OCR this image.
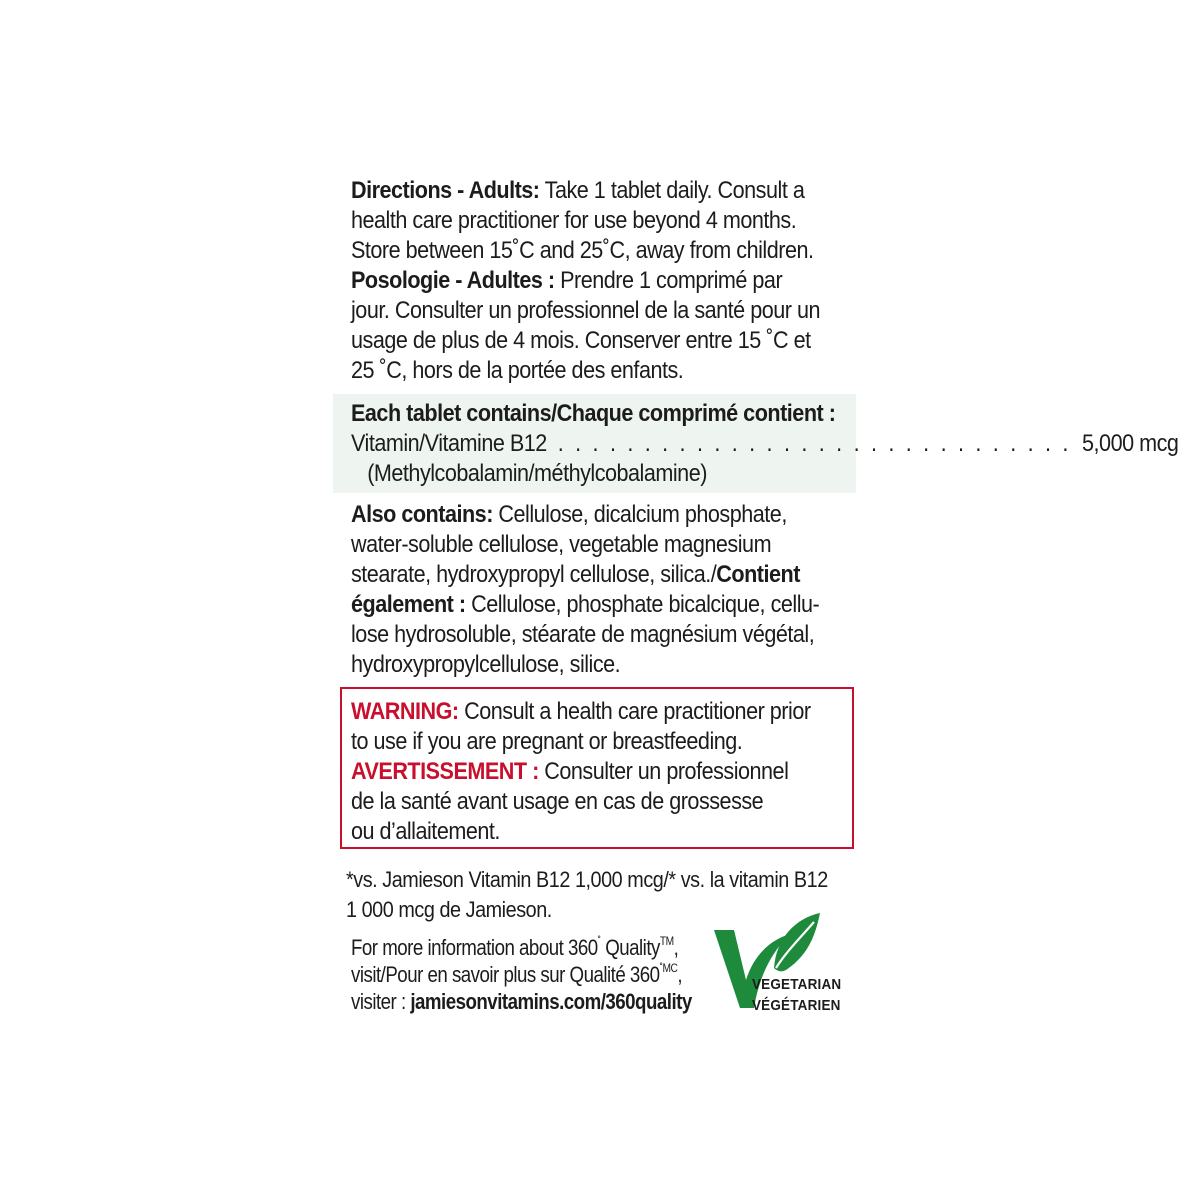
Directions - Adults: Take 1 tablet daily. Consult a
health care practitioner for use beyond 4 months.
Store between 15˚C and 25˚C, away from children.
Posologie - Adultes : Prendre 1 comprimé par
jour. Consulter un professionnel de la santé pour un
usage de plus de 4 mois. Conserver entre 15 ˚C et
25 ˚C, hors de la portée des enfants.
Each tablet contains/Chaque comprimé contient :
Vitamin/Vitamine B12 . . . . . . . . . . . . . . . . . . . . . . . . . . . . . . 5,000 mcg
(Methylcobalamin/méthylcobalamine)
Also contains: Cellulose, dicalcium phosphate,
water-soluble cellulose, vegetable magnesium
stearate, hydroxypropyl cellulose, silica./Contient
également : Cellulose, phosphate bicalcique, cellu-
lose hydrosoluble, stéarate de magnésium végétal,
hydroxypropylcellulose, silice.
WARNING: Consult a health care practitioner prior
to use if you are pregnant or breastfeeding.
AVERTISSEMENT : Consulter un professionnel
de la santé avant usage en cas de grossesse
ou d’allaitement.
*vs. Jamieson Vitamin B12 1,000 mcg/* vs. la vitamin B12
1 000 mcg de Jamieson.
For more information about 360˚ Quality™,
visit/Pour en savoir plus sur Qualité $360^{˚MC}$,
visiter : jamiesonvitamins.com/360quality
VEGETARIAN
VÉGÉTARIEN
